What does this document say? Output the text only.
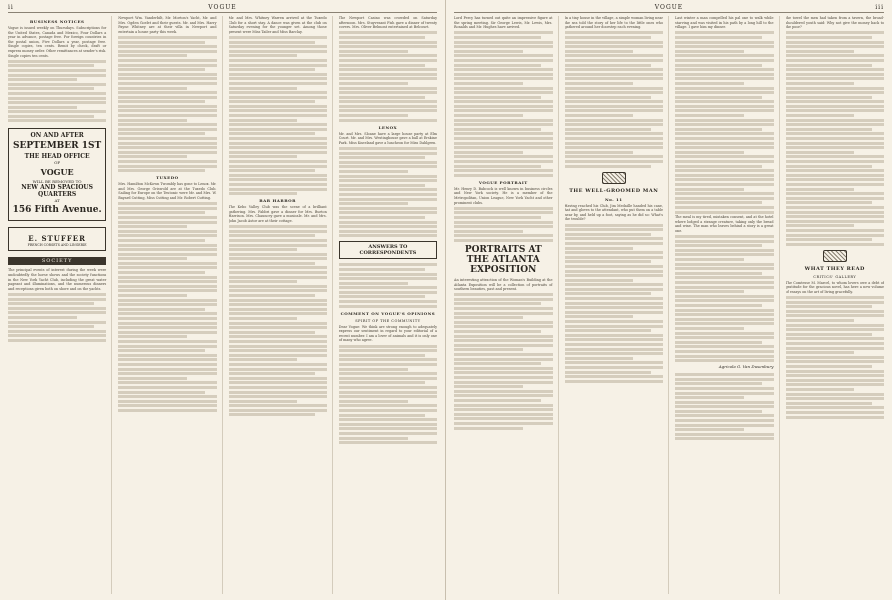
ii	VOGUE
BUSINESS NOTICES

Vogue is issued weekly on Thursdays. Subscriptions for the United States, Canada and Mexico, Four Dollars a year in advance, postage free. For foreign countries in the postal union, Five Dollars a year, postage free. Single copies, ten cents. Remit by check, draft or express money order. Other remittances at sender's risk. Single copies ten cents.

ON AND AFTER
SEPTEMBER 1ST
THE HEAD OFFICE
OF
VOGUE
WILL BE REMOVED TO
NEW AND SPACIOUS QUARTERS
AT
156 Fifth Avenue.
E. STUFFER
FRENCH CORSETS AND LINGERIE
SOCIETY

The principal events of interest during the week were undoubtedly the horse shows and the society functions in the New York Yacht Club, including the great water pageant and illuminations, and the numerous dinners and receptions given both on shore and on the yachts.

Newport Wm. Vanderbilt, Mr. Morton's Yacht, Mr. and Mrs. Ogden Goelet and their guests. Mr. and Mrs. Harry Payne Whitney are at their villa in Newport and entertain a house party this week.

TUXEDO

Mrs. Hamilton McKown Twombly has gone to Lenox. Mr. and Mrs. George Griswold are at the Tuxedo Club. Sailing for Europe on the Teutonic were Mr. and Mrs. W. Bayard Cutting, Miss Cutting and Mr. Robert Cutting.

Mr. and Mrs. Whitney Warren arrived at the Tuxedo Club for a short stay. A dance was given at the club on Saturday evening for the younger set. Among those present were Miss Tailer and Miss Barclay.

BAR HARBOR

The Kebo Valley Club was the scene of a brilliant gathering. Mrs. Fabbri gave a dinner for Mrs. Burton Harrison. Mrs. Chauncey gave a musicale. Mr. and Mrs. John Jacob Astor are at their cottage.

The Newport Casino was crowded on Saturday afternoon. Mrs. Stuyvesant Fish gave a dinner of twenty covers. Mrs. Oliver Belmont entertained at Belcourt.

LENOX

Mr. and Mrs. Sloane have a large house party at Elm Court. Mr. and Mrs. Westinghouse gave a ball at Erskine Park. Miss Kneeland gave a luncheon for Miss Dahlgren.

ANSWERS TO CORRESPONDENTS
COMMENT ON VOGUE'S OPINIONS
SPIRIT OF THE COMMUNITY

Dear Vogue: We think are strong enough to adequately express our sentiment in regard to your editorial of a recent number. I am a lover of animals and it is only one of many who agree.

VOGUE	iii

Lord Percy has turned out quite an impressive figure at the spring meeting. Sir George Lewis, Mr. Lewis, Mrs. Ronalds and Mr. Hughes have arrived.

VOGUE PORTRAIT

Mr. Henry D. Babcock is well known in business circles and New York society. He is a member of the Metropolitan, Union League, New York Yacht and other prominent clubs.

PORTRAITS AT THE ATLANTA EXPOSITION

An interesting attraction of the Woman's Building at the Atlanta Exposition will be a collection of portraits of southern beauties, past and present.

In a tiny house in the village, a simple woman living near the sea told the story of her life to the little ones who gathered around her doorstep each evening.

THE WELL-GROOMED MAN
No. 11

Having reached his Club, Jim Medaille handed his cane, hat and gloves to the attendant, who put them on a table near by, and held up a foot, saying as he did so: What's the trouble?

Last winter a man compelled his pal one to walk while starving and was visited in his path by a long hill to the village. I gave him my dinner.

The meal is my tired, mistaken consent, and at the hotel where lodged a strange creature, taking only the bread and wine. The man who leaves behind a story is a great one.

Agricola G. Van Dusenbury

the towel the men had taken from a tavern, the broad-shouldered youth said: Why not give the money back to the poor?

WHAT THEY READ
CRITICS' GALLERY

The Comtesse M. Marcel, to whom lovers owe a debt of gratitude for the gracious novel, has here a new volume of essays on the art of living gracefully.
